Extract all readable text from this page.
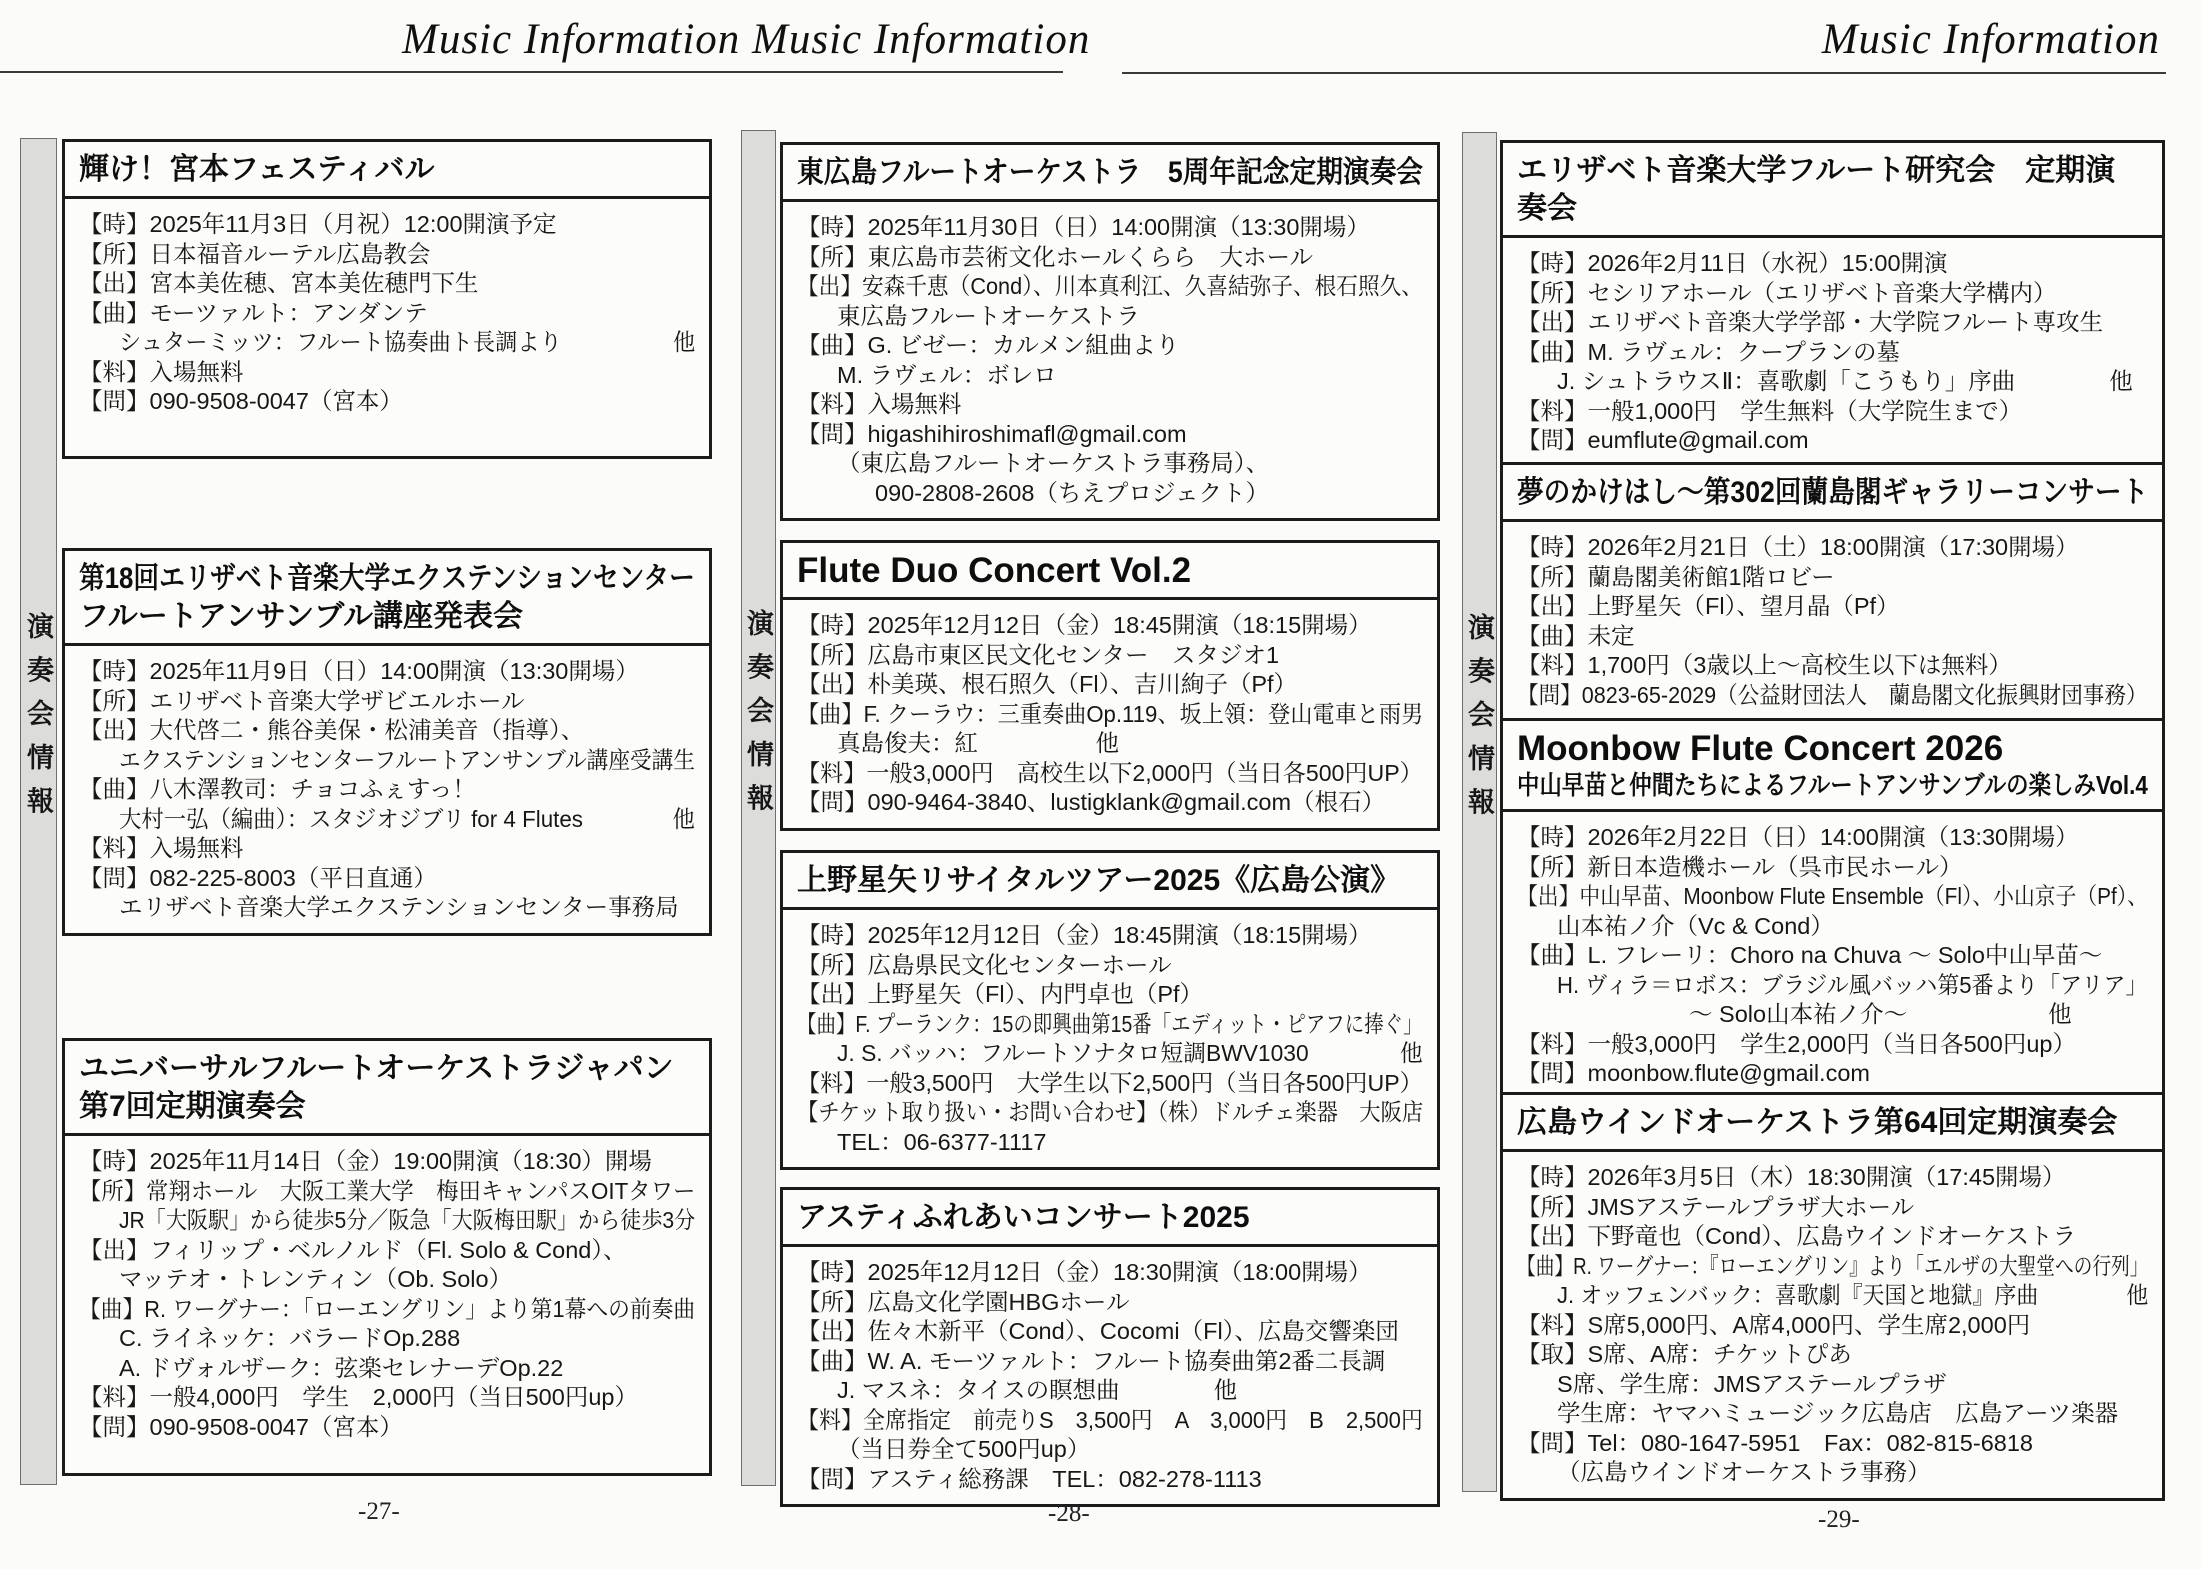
Music Information Music Information	Music Information
演奏会情報
輝け！宮本フェスティバル
【時】2025年11月3日（月祝）12:00開演予定
【所】日本福音ルーテル広島教会
【出】宮本美佐穂、宮本美佐穂門下生
【曲】モーツァルト：アンダンテ
シュターミッツ：フルート協奏曲ト長調より　　　　　他
【料】入場無料
【問】090-9508-0047（宮本）
第18回エリザベト音楽大学エクステンションセンター
フルートアンサンブル講座発表会
【時】2025年11月9日（日）14:00開演（13:30開場）
【所】エリザベト音楽大学ザビエルホール
【出】大代啓二・熊谷美保・松浦美音（指導）、
エクステンションセンターフルートアンサンブル講座受講生
【曲】八木澤教司：チョコふぇすっ！
大村一弘（編曲）：スタジオジブリ for 4 Flutes　　　　他
【料】入場無料
【問】082-225-8003（平日直通）
エリザベト音楽大学エクステンションセンター事務局
ユニバーサルフルートオーケストラジャパン
第7回定期演奏会
【時】2025年11月14日（金）19:00開演（18:30）開場
【所】常翔ホール　大阪工業大学　梅田キャンパスOITタワー
JR「大阪駅」から徒歩5分／阪急「大阪梅田駅」から徒歩3分
【出】フィリップ・ベルノルド（Fl. Solo & Cond）、
マッテオ・トレンティン（Ob. Solo）
【曲】R. ワーグナー：「ローエングリン」より第1幕への前奏曲
C. ライネッケ：バラードOp.288
A. ドヴォルザーク：弦楽セレナーデOp.22
【料】一般4,000円　学生　2,000円（当日500円up）
【問】090-9508-0047（宮本）
-27-
演奏会情報
東広島フルートオーケストラ　5周年記念定期演奏会
【時】2025年11月30日（日）14:00開演（13:30開場）
【所】東広島市芸術文化ホールくらら　大ホール
【出】安森千恵（Cond）、川本真利江、久喜結弥子、根石照久、
東広島フルートオーケストラ
【曲】G. ビゼー：カルメン組曲より
M. ラヴェル：ボレロ
【料】入場無料
【問】higashihiroshimafl@gmail.com
（東広島フルートオーケストラ事務局）、
090-2808-2608（ちえプロジェクト）
Flute Duo Concert Vol.2
【時】2025年12月12日（金）18:45開演（18:15開場）
【所】広島市東区民文化センター　スタジオ1
【出】朴美瑛、根石照久（Fl）、吉川絢子（Pf）
【曲】F. クーラウ：三重奏曲Op.119、坂上領：登山電車と雨男
真島俊夫：紅　　　　　他
【料】一般3,000円　高校生以下2,000円（当日各500円UP）
【問】090-9464-3840、lustigklank@gmail.com（根石）
上野星矢リサイタルツアー2025《広島公演》
【時】2025年12月12日（金）18:45開演（18:15開場）
【所】広島県民文化センターホール
【出】上野星矢（Fl）、内門卓也（Pf）
【曲】F. プーランク：15の即興曲第15番「エディット・ピアフに捧ぐ」
J. S. バッハ：フルートソナタロ短調BWV1030　　　　他
【料】一般3,500円　大学生以下2,500円（当日各500円UP）
【チケット取り扱い・お問い合わせ】（株）ドルチェ楽器　大阪店
TEL：06-6377-1117
アスティふれあいコンサート2025
【時】2025年12月12日（金）18:30開演（18:00開場）
【所】広島文化学園HBGホール
【出】佐々木新平（Cond）、Cocomi（Fl）、広島交響楽団
【曲】W. A. モーツァルト：フルート協奏曲第2番二長調
J. マスネ：タイスの瞑想曲　　　　他
【料】全席指定　前売りS　3,500円　A　3,000円　B　2,500円
（当日券全て500円up）
【問】アスティ総務課　TEL：082-278-1113
-28-
演奏会情報
エリザベト音楽大学フルート研究会　定期演
奏会
【時】2026年2月11日（水祝）15:00開演
【所】セシリアホール（エリザベト音楽大学構内）
【出】エリザベト音楽大学学部・大学院フルート専攻生
【曲】M. ラヴェル：クープランの墓
J. シュトラウスⅡ：喜歌劇「こうもり」序曲　　　　他
【料】一般1,000円　学生無料（大学院生まで）
【問】eumflute@gmail.com
夢のかけはし～第302回蘭島閣ギャラリーコンサート
【時】2026年2月21日（土）18:00開演（17:30開場）
【所】蘭島閣美術館1階ロビー
【出】上野星矢（Fl）、望月晶（Pf）
【曲】未定
【料】1,700円（3歳以上～高校生以下は無料）
【問】0823-65-2029（公益財団法人　蘭島閣文化振興財団事務）
Moonbow Flute Concert 2026
中山早苗と仲間たちによるフルートアンサンブルの楽しみVol.4
【時】2026年2月22日（日）14:00開演（13:30開場）
【所】新日本造機ホール（呉市民ホール）
【出】中山早苗、Moonbow Flute Ensemble（Fl）、小山京子（Pf）、
山本祐ノ介（Vc & Cond）
【曲】L. フレーリ：Choro na Chuva ～ Solo中山早苗～
H. ヴィラ＝ロボス：ブラジル風バッハ第5番より「アリア」
　　　　～ Solo山本祐ノ介～　　　　　　他
【料】一般3,000円　学生2,000円（当日各500円up）
【問】moonbow.flute@gmail.com
広島ウインドオーケストラ第64回定期演奏会
【時】2026年3月5日（木）18:30開演（17:45開場）
【所】JMSアステールプラザ大ホール
【出】下野竜也（Cond）、広島ウインドオーケストラ
【曲】R. ワーグナー：『ローエングリン』より「エルザの大聖堂への行列」
J. オッフェンバック：喜歌劇『天国と地獄』序曲　　　　他
【料】S席5,000円、A席4,000円、学生席2,000円
【取】S席、A席：チケットぴあ
S席、学生席：JMSアステールプラザ
学生席：ヤマハミュージック広島店　広島アーツ楽器
【問】Tel：080-1647-5951　Fax：082-815-6818
（広島ウインドオーケストラ事務）
-29-
